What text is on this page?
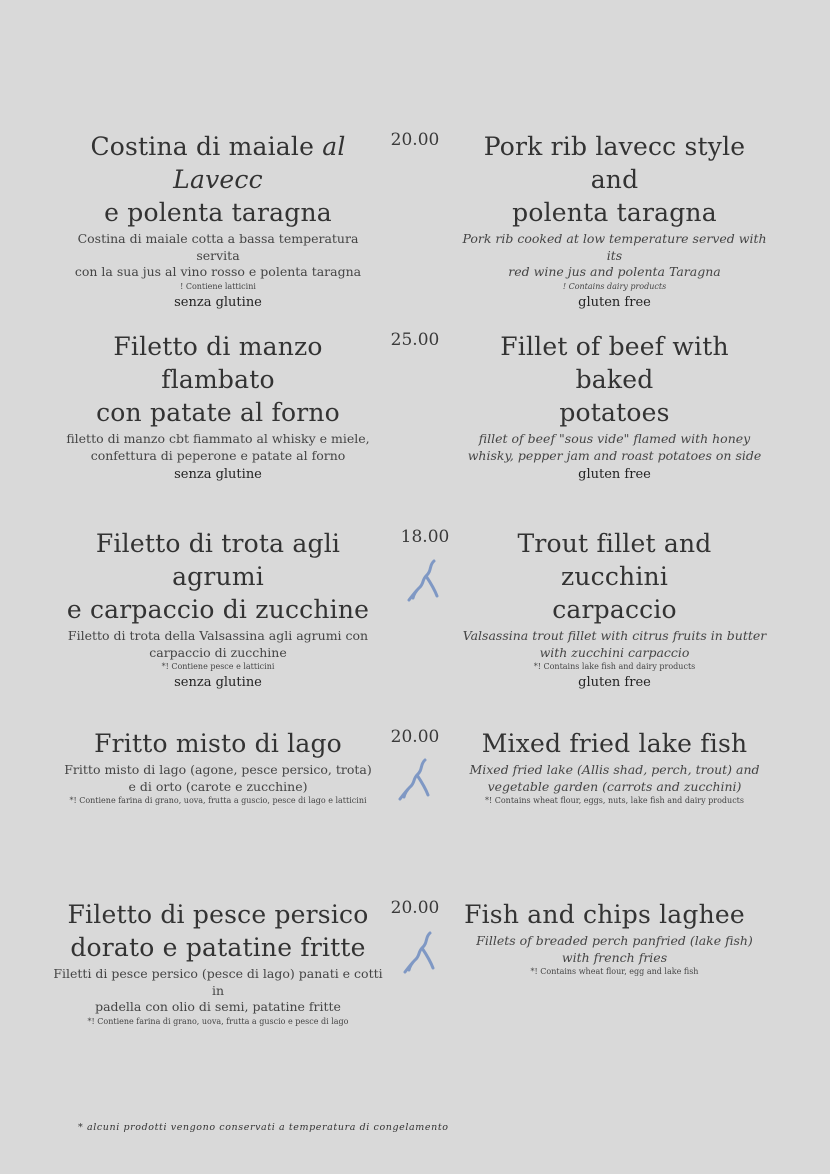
Costina di maiale al Lavecc
e polenta taragna
Costina di maiale cotta a bassa temperatura servita
con la sua jus al vino rosso e polenta taragna
! Contiene latticini
senza glutine
20.00	Pork rib lavecc style and
polenta taragna
Pork rib cooked at low temperature served with its
red wine jus and polenta Taragna
! Contains dairy products
gluten free
Filetto di manzo flambato
con patate al forno
filetto di manzo cbt fiammato al whisky e miele,
confettura di peperone e patate al forno
senza glutine
25.00	Fillet of beef with baked
potatoes
fillet of beef "sous vide" flamed with honey
whisky, pepper jam and roast potatoes on side
gluten free
Filetto di trota agli agrumi
e carpaccio di zucchine
Filetto di trota della Valsassina agli agrumi con
carpaccio di zucchine
*! Contiene pesce e latticini
senza glutine
18.00	Trout fillet and zucchini
carpaccio
Valsassina trout fillet with citrus fruits in butter
with zucchini carpaccio
*! Contains lake fish and dairy products
gluten free
Fritto misto di lago
Fritto misto di lago (agone, pesce persico, trota)
e di orto (carote e zucchine)
*! Contiene farina di grano, uova, frutta a guscio, pesce di lago e latticini
20.00	Mixed fried lake fish
Mixed fried lake (Allis shad, perch, trout) and
vegetable garden (carrots and zucchini)
*! Contains wheat flour, eggs, nuts, lake fish and dairy products
Filetto di pesce persico
dorato e patatine fritte
Filetti di pesce persico (pesce di lago) panati e cotti in
padella con olio di semi, patatine fritte
*! Contiene farina di grano, uova, frutta a guscio e pesce di lago
20.00 Fish and chips laghee
Fillets of breaded perch panfried (lake fish)
with french fries
*! Contains wheat flour, egg and lake fish
* alcuni prodotti vengono conservati a temperatura di congelamento
